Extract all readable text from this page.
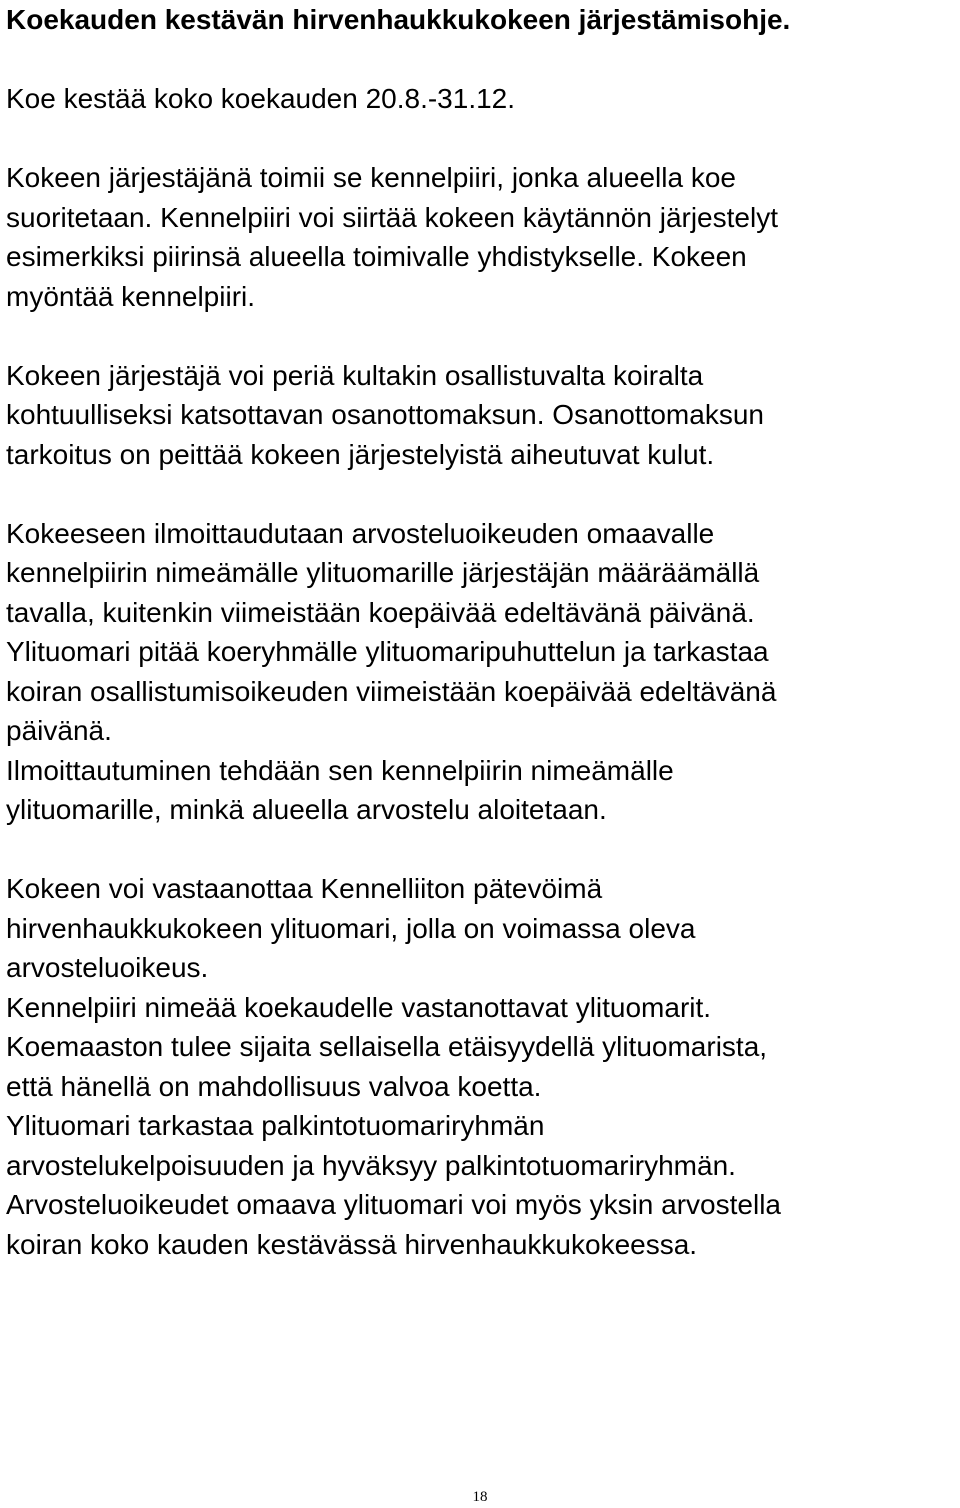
Koekauden kestävän hirvenhaukkukokeen järjestämisohje.

Koe kestää koko koekauden 20.8.-31.12.

Kokeen järjestäjänä toimii se kennelpiiri, jonka alueella koe
suoritetaan. Kennelpiiri voi siirtää kokeen käytännön järjestelyt
esimerkiksi piirinsä alueella toimivalle yhdistykselle. Kokeen
myöntää kennelpiiri.

Kokeen järjestäjä voi periä kultakin osallistuvalta koiralta
kohtuulliseksi katsottavan osanottomaksun. Osanottomaksun
tarkoitus on peittää kokeen järjestelyistä aiheutuvat kulut.

Kokeeseen ilmoittaudutaan arvosteluoikeuden omaavalle
kennelpiirin nimeämälle ylituomarille järjestäjän määräämällä
tavalla, kuitenkin viimeistään koepäivää edeltävänä päivänä.
Ylituomari pitää koeryhmälle ylituomaripuhuttelun ja tarkastaa
koiran osallistumisoikeuden viimeistään koepäivää edeltävänä
päivänä.
Ilmoittautuminen tehdään sen kennelpiirin nimeämälle
ylituomarille, minkä alueella arvostelu aloitetaan.

Kokeen voi vastaanottaa Kennelliiton pätevöimä
hirvenhaukkukokeen ylituomari, jolla on voimassa oleva
arvosteluoikeus.
Kennelpiiri nimeää koekaudelle vastanottavat ylituomarit.
Koemaaston tulee sijaita sellaisella etäisyydellä ylituomarista,
että hänellä on mahdollisuus valvoa koetta.
Ylituomari tarkastaa palkintotuomariryhmän
arvostelukelpoisuuden ja hyväksyy palkintotuomariryhmän.
Arvosteluoikeudet omaava ylituomari voi myös yksin arvostella
koiran koko kauden kestävässä hirvenhaukkukokeessa.

18
